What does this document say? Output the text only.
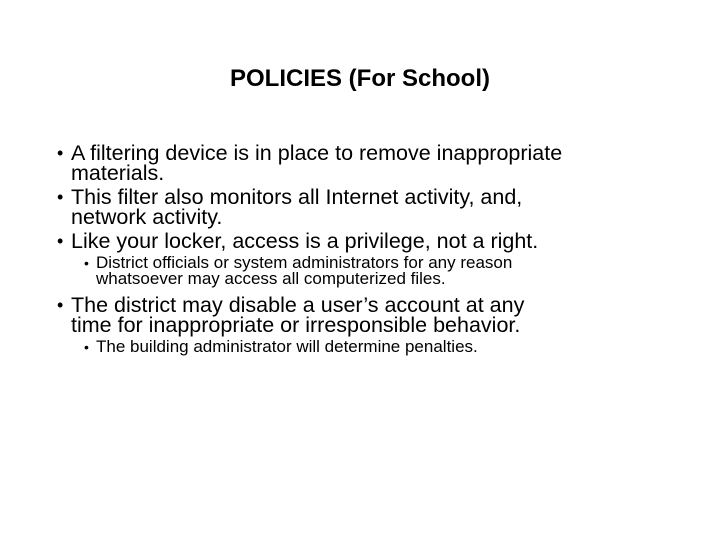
POLICIES (For School)
• A filtering device is in place to remove inappropriate
materials.
• This filter also monitors all Internet activity, and,
network activity.
• Like your locker, access is a privilege, not a right.
• District officials or system administrators for any reason
whatsoever may access all computerized files.
• The district may disable a user’s account at any
time for inappropriate or irresponsible behavior.
• The building administrator will determine penalties.
